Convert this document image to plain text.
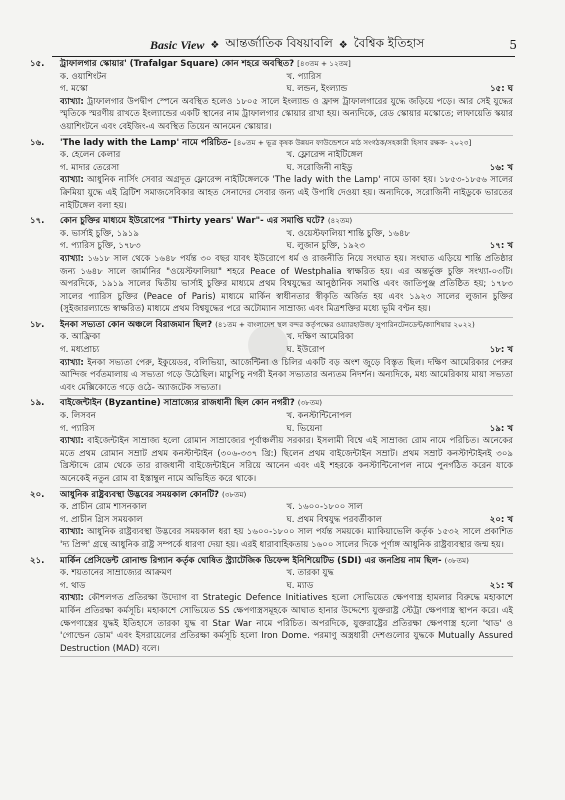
Basic View ❖ আন্তর্জাতিক বিষয়াবলি ❖ বৈশ্বিক ইতিহাস	5
১৫.	ট্রাফালগার স্কোয়ার' (Trafalgar Square) কোন শহরে অবস্থিত? [৪৩তম + ১২তম]
ক. ওয়াশিংটন	খ. প্যারিস
গ. মস্কো	ঘ. লন্ডন, ইংল্যান্ড	১৫: ঘ
ব্যাখ্যা: ট্রাফালগার উপদ্বীপ স্পেনে অবস্থিত হলেও ১৮০৫ সালে ইংল্যান্ড ও ফ্রান্স ট্রাফালগারের যুদ্ধে জড়িয়ে পড়ে। আর সেই যুদ্ধের স্মৃতিকে স্মরণীয় রাখতে ইংল্যান্ডের একটি স্থানের নাম ট্রাফালগার স্কোয়ার রাখা হয়। অন্যদিকে, রেড স্কোয়ার মস্কোতে; লাফায়েতি স্কয়ার ওয়াশিংটনে এবং বেইজিং-এ অবস্থিত তিয়েন আনমেন স্কোয়ার।
১৬.	'The lady with the Lamp' নামে পরিচিত- [৪০তম + ভূত্র কৃষক উন্নয়ন ফাউন্ডেশনে মাঠ সংগঠক/সহকারী হিসাব রক্ষক- ২০২৩]
ক. হেলেন কেলার	খ. ফ্লোরেন্স নাইটিঙ্গেল
গ. মাদার তেরেসা	ঘ. সরোজিনী নাইডু	১৬: খ
ব্যাখ্যা: আধুনিক নার্সিং সেবার অগ্রদূত ফ্লোরেন্স নাইটিঙ্গেলকে 'The lady with the Lamp' নামে ডাকা হয়। ১৮৫৩-১৮৫৬ সালের ক্রিমিয়া যুদ্ধে এই ব্রিটিশ সমাজসেবিকার আহত সেনাদের সেবার জন্য এই উপাধি দেওয়া হয়। অন্যদিকে, সরোজিনী নাইডুকে ভারতের নাইটিঙ্গেল বলা হয়।
১৭.	কোন চুক্তির মাধ্যমে ইউরোপের "Thirty years' War"- এর সমাপ্তি ঘটে? (৪২তম)
ক. ভার্সাই চুক্তি, ১৯১৯	খ. ওয়েস্টফালিয়া শান্তি চুক্তি, ১৬৪৮
গ. প্যারিস চুক্তি, ১৭৮৩	ঘ. লুজান চুক্তি, ১৯২৩	১৭: খ
ব্যাখ্যা: ১৬১৮ সাল থেকে ১৬৪৮ পর্যন্ত ৩০ বছর যাবৎ ইউরোপে ধর্ম ও রাজনীতি নিয়ে সংঘাত হয়। সংঘাত এড়িয়ে শান্তি প্রতিষ্ঠার জন্য ১৬৪৮ সালে জার্মানির "ওয়েস্টফালিয়া" শহরে Peace of Westphalia স্বাক্ষরিত হয়। এর অন্তর্ভুক্ত চুক্তি সংখ্যা-০৩টি। অপরদিকে, ১৯১৯ সালের দ্বিতীয় ভার্সাই চুক্তির মাধ্যমে প্রথম বিশ্বযুদ্ধের আনুষ্ঠানিক সমাপ্তি এবং জাতিপুঞ্জ প্রতিষ্ঠিত হয়; ১৭৮৩ সালের প্যারিস চুক্তির (Peace of Paris) মাধ্যমে মার্কিন স্বাধীনতার স্বীকৃতি অর্জিত হয় এবং ১৯২৩ সালের লুজান চুক্তির (সুইজারল্যান্ডে স্বাক্ষরিত) মাধ্যমে প্রথম বিশ্বযুদ্ধের পরে অটোম্যান সাম্রাজ্য এবং মিত্রশক্তির মধ্যে ভূমি বণ্টন হয়।
১৮.	ইনকা সভ্যতা কোন অঞ্চলে বিরাজমান ছিল? (৪১তম + বাংলাদেশ স্থল বন্দর কর্তৃপক্ষের ওয়্যারহাউজ/ সুপারিনটেনডেন্ট/ক্যাশিয়ার ২০২২)
ক. আফ্রিকা	খ. দক্ষিণ আমেরিকা
গ. মধ্যপ্রাচ্য	ঘ. ইউরোপ	১৮: খ
ব্যাখ্যা: ইনকা সভ্যতা পেরু, ইকুয়েডর, বলিভিয়া, আর্জেন্টিনা ও চিলির একটি বড় অংশ জুড়ে বিস্তৃত ছিল। দক্ষিণ আমেরিকার পেরুর আন্দিজ পর্বতমালায় এ সভ্যতা গড়ে উঠেছিল। মাচুপিচু নগরী ইনকা সভ্যতার অন্যতম নিদর্শন। অন্যদিকে, মধ্য আমেরিকায় মায়া সভ্যতা এবং মেক্সিকোতে গড়ে ওঠে- অ্যাজটেক সভ্যতা।
১৯.	বাইজেন্টাইন (Byzantine) সাম্রাজ্যের রাজধানী ছিল কোন নগরী? (৩৮তম)
ক. লিসবন	খ. কনস্টান্টিনোপল
গ. প্যারিস	ঘ. ভিয়েনা	১৯: খ
ব্যাখ্যা: বাইজেন্টাইন সাম্রাজ্য হলো রোমান সাম্রাজ্যের পূর্বাঞ্চলীয় সরকার। ইসলামী বিশ্বে এই সাম্রাজ্য রোম নামে পরিচিত। অনেকের মতে প্রথম রোমান সম্রাট প্রথম কনস্টান্টাইন (৩০৬-৩৩৭ খ্রি:) ছিলেন প্রথম বাইজেন্টাইন সম্রাট। প্রথম সম্রাট কনস্টান্টাইনই ৩০৯ খ্রিস্টাব্দে রোম থেকে তার রাজধানী বাইজেন্টাইনে সরিয়ে আনেন এবং এই শহরকে কনস্টান্টিনোপল নামে পুনর্গঠিত করেন যাকে অনেকেই নতুন রোম বা ইস্তাম্বুল নামে অভিহিত করে থাকে।
২০.	আধুনিক রাষ্ট্রব্যবস্থা উদ্ভবের সময়কাল কোনটি? (৩৮তম)
ক. প্রাচীন রোম শাসনকাল	খ. ১৬০০-১৮০০ সাল
গ. প্রাচীন গ্রিস সময়কাল	ঘ. প্রথম বিশ্বযুদ্ধ পরবর্তীকাল	২০: খ
ব্যাখ্যা: আধুনিক রাষ্ট্রব্যবস্থা উদ্ভবের সময়কাল ধরা হয় ১৬০০-১৮০০ সাল পর্যন্ত সময়কে। ম্যাকিয়াভেলি কর্তৃক ১৫৩২ সালে প্রকাশিত 'দ্য প্রিন্স' গ্রন্থে আধুনিক রাষ্ট্র সম্পর্কে ধারণা দেয়া হয়। এরই ধারাবাহিকতায় ১৬০০ সালের দিকে পূর্ণাঙ্গ আধুনিক রাষ্ট্রব্যবস্থার জন্ম হয়।
২১.	মার্কিন প্রেসিডেন্ট রোনাল্ড রিগ্যান কর্তৃক ঘোষিত স্ট্র্যাটেজিক ডিফেন্স ইনিশিয়েটিভ (SDI) এর জনপ্রিয় নাম ছিল- (৩৮তম)
ক. শয়তানের সাম্রাজ্যের আক্রমণ	খ. তারকা যুদ্ধ
গ. থাড	ঘ. ম্যাড	২১: খ
ব্যাখ্যা: কৌশলগত প্রতিরক্ষা উদ্যোগ বা Strategic Defence Initiatives হলো সোভিয়েত ক্ষেপণাস্ত্র হামলার বিরুদ্ধে মহাকাশে মার্কিন প্রতিরক্ষা কর্মসূচি। মহাকাশে সোভিয়েত SS ক্ষেপণাস্ত্রসমূহকে আঘাত হানার উদ্দেশ্যে যুক্তরাষ্ট্র স্টেট্রা ক্ষেপণাস্ত্র স্থাপন করে। এই ক্ষেপণাস্ত্রের যুদ্ধই ইতিহাসে তারকা যুদ্ধ বা Star War নামে পরিচিত। অপরদিকে, যুক্তরাষ্ট্রের প্রতিরক্ষা ক্ষেপণাস্ত্র হলো 'থাড' ও 'গোল্ডেন ডোম' এবং ইসরায়েলের প্রতিরক্ষা কর্মসূচি হলো Iron Dome. পরমাণু অস্ত্রধারী দেশগুলোর যুদ্ধকে Mutually Assured Destruction (MAD) বলে।
